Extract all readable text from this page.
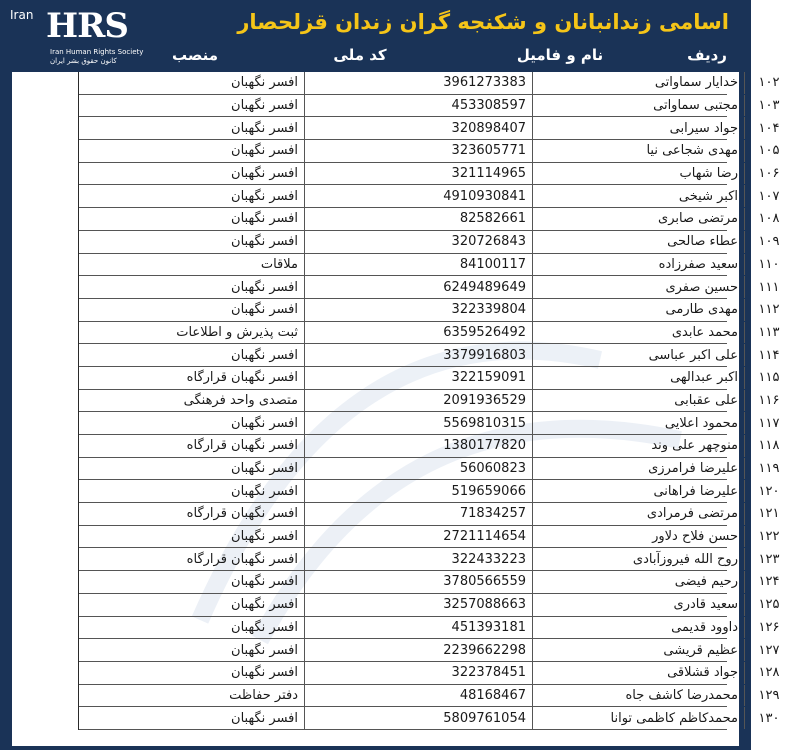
Iran HRS
Iran Human Rights Society
کانون حقوق بشر ایران
اسامی زندانبانان و شکنجه گران زندان قزلحصار
ردیف
نام و فامیل
کد ملی
منصب
افسر نگهبان	3961273383	خدایار سماواتی	۱۰۲
افسر نگهبان	453308597	مجتبی سماواتی	۱۰۳
افسر نگهبان	320898407	جواد سیرابی	۱۰۴
افسر نگهبان	323605771	مهدی شجاعی نیا	۱۰۵
افسر نگهبان	321114965	رضا شهاب	۱۰۶
افسر نگهبان	4910930841	اکبر شیخی	۱۰۷
افسر نگهبان	82582661	مرتضی صابری	۱۰۸
افسر نگهبان	320726843	عطاء صالحی	۱۰۹
ملاقات	84100117	سعید صفرزاده	۱۱۰
افسر نگهبان	6249489649	حسین صفری	۱۱۱
افسر نگهبان	322339804	مهدی طارمی	۱۱۲
ثبت پذیرش و اطلاعات	6359526492	محمد عابدی	۱۱۳
افسر نگهبان	3379916803	علی اکبر عباسی	۱۱۴
افسر نگهبان قرارگاه	322159091	اکبر عبدالهی	۱۱۵
متصدی واحد فرهنگی	2091936529	علی عقبابی	۱۱۶
افسر نگهبان	5569810315	محمود اعلایی	۱۱۷
افسر نگهبان قرارگاه	1380177820	منوچهر علی وند	۱۱۸
افسر نگهبان	56060823	علیرضا فرامرزی	۱۱۹
افسر نگهبان	519659066	علیرضا فراهانی	۱۲۰
افسر نگهبان قرارگاه	71834257	مرتضی فرمرادی	۱۲۱
افسر نگهبان	2721114654	حسن فلاح دلاور	۱۲۲
افسر نگهبان قرارگاه	322433223	روح الله فیروزآبادی	۱۲۳
افسر نگهبان	3780566559	رحیم فیضی	۱۲۴
افسر نگهبان	3257088663	سعید قادری	۱۲۵
افسر نگهبان	451393181	داوود قدیمی	۱۲۶
افسر نگهبان	2239662298	عظیم قریشی	۱۲۷
افسر نگهبان	322378451	جواد قشلاقی	۱۲۸
دفتر حفاظت	48168467	محمدرضا کاشف جاه	۱۲۹
افسر نگهبان	5809761054	محمدکاظم کاظمی توانا	۱۳۰
